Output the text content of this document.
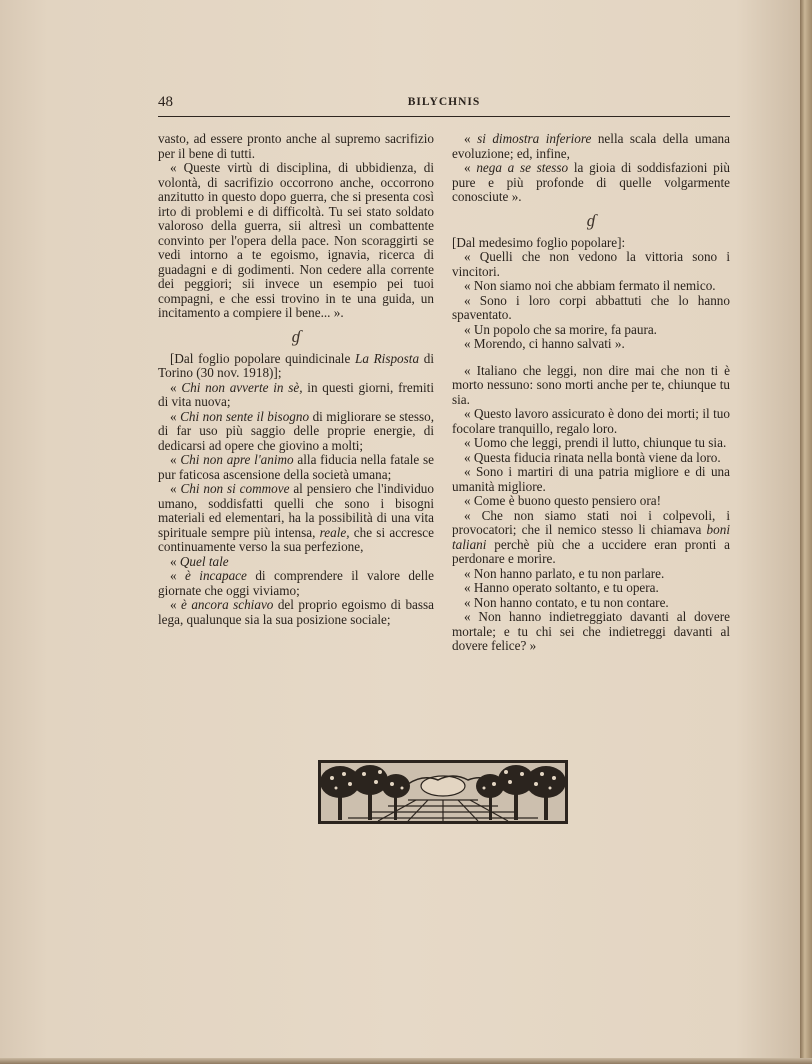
48	BILYCHNIS

vasto, ad essere pronto anche al supremo sacrifizio per il bene di tutti.

« Queste virtù di disciplina, di ubbidienza, di volontà, di sacrifizio occorrono anche, occorrono anzitutto in questo dopo guerra, che si presenta così irto di problemi e di difficoltà. Tu sei stato soldato valoroso della guerra, sii altresì un combattente convinto per l'opera della pace. Non scoraggirti se vedi intorno a te egoismo, ignavia, ricerca di guadagni e di godimenti. Non cedere alla corrente dei peggiori; sii invece un esempio pei tuoi compagni, e che essi trovino in te una guida, un incitamento a compiere il bene... ».

ɠ

[Dal foglio popolare quindicinale La Risposta di Torino (30 nov. 1918)];

« Chi non avverte in sè, in questi giorni, fremiti di vita nuova;

« Chi non sente il bisogno di migliorare se stesso, di far uso più saggio delle proprie energie, di dedicarsi ad opere che giovino a molti;

« Chi non apre l'animo alla fiducia nella fatale se pur faticosa ascensione della società umana;

« Chi non si commove al pensiero che l'individuo umano, soddisfatti quelli che sono i bisogni materiali ed elementari, ha la possibilità di una vita spirituale sempre più intensa, reale, che si accresce continuamente verso la sua perfezione,

« Quel tale

« è incapace di comprendere il valore delle giornate che oggi viviamo;

« è ancora schiavo del proprio egoismo di bassa lega, qualunque sia la sua posizione sociale;

« si dimostra inferiore nella scala della umana evoluzione; ed, infine,

« nega a se stesso la gioia di soddisfazioni più pure e più profonde di quelle volgarmente conosciute ».

ɠ

[Dal medesimo foglio popolare]:

« Quelli che non vedono la vittoria sono i vincitori.

« Non siamo noi che abbiam fermato il nemico.

« Sono i loro corpi abbattuti che lo hanno spaventato.

« Un popolo che sa morire, fa paura.

« Morendo, ci hanno salvati ».

« Italiano che leggi, non dire mai che non ti è morto nessuno: sono morti anche per te, chiunque tu sia.

« Questo lavoro assicurato è dono dei morti; il tuo focolare tranquillo, regalo loro.

« Uomo che leggi, prendi il lutto, chiunque tu sia.

« Questa fiducia rinata nella bontà viene da loro.

« Sono i martiri di una patria migliore e di una umanità migliore.

« Come è buono questo pensiero ora!

« Che non siamo stati noi i colpevoli, i provocatori; che il nemico stesso li chiamava boni taliani perchè più che a uccidere eran pronti a perdonare e morire.

« Non hanno parlato, e tu non parlare.

« Hanno operato soltanto, e tu opera.

« Non hanno contato, e tu non contare.

« Non hanno indietreggiato davanti al dovere mortale; e tu chi sei che indietreggi davanti al dovere felice? »
